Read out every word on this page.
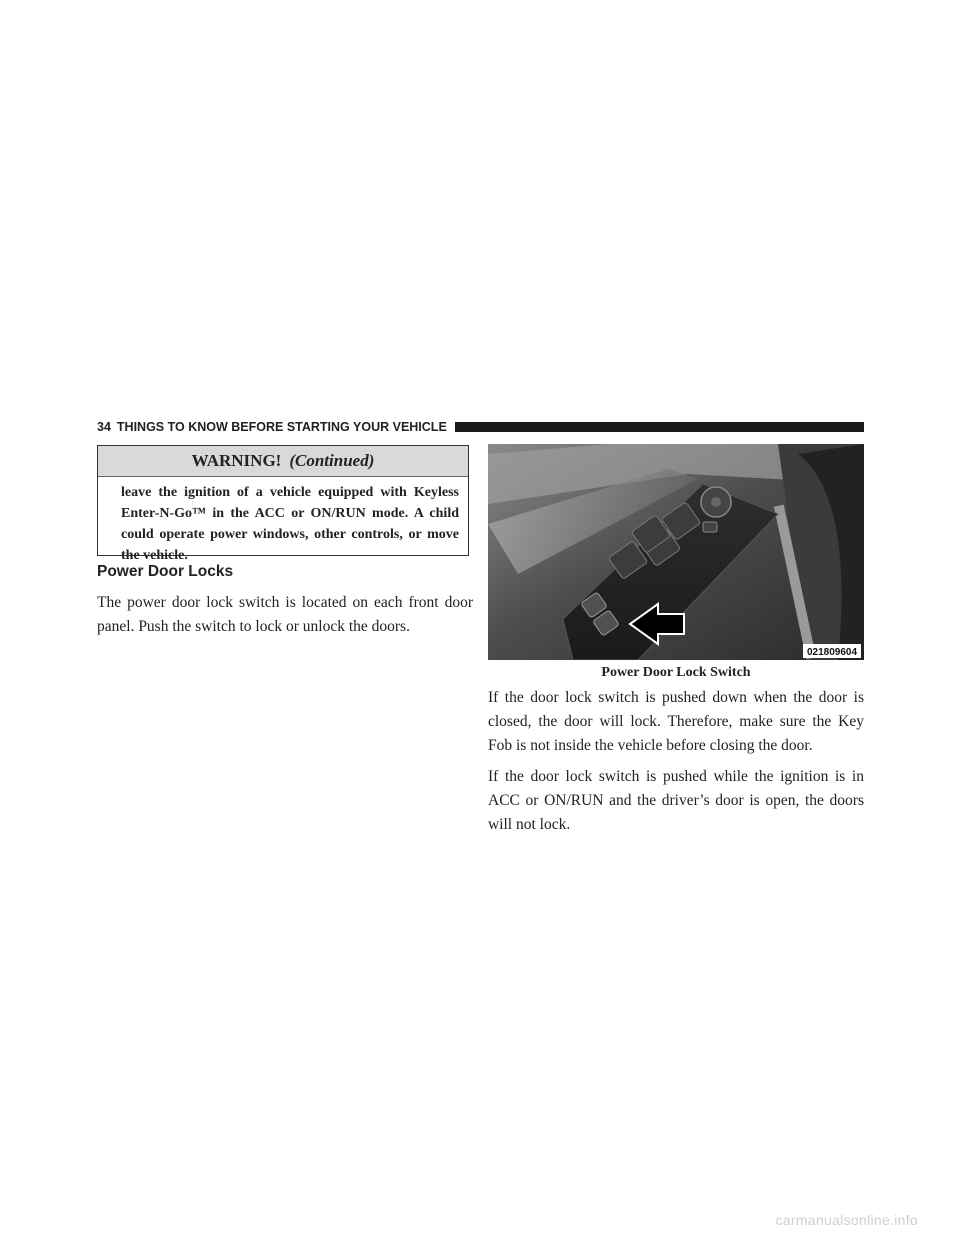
34 THINGS TO KNOW BEFORE STARTING YOUR VEHICLE
WARNING! (Continued)
leave the ignition of a vehicle equipped with Keyless Enter-N-Go™ in the ACC or ON/RUN mode. A child could operate power windows, other controls, or move the vehicle.
Power Door Locks
The power door lock switch is located on each front door panel. Push the switch to lock or unlock the doors.
021809604
Power Door Lock Switch

If the door lock switch is pushed down when the door is closed, the door will lock. Therefore, make sure the Key Fob is not inside the vehicle before closing the door.

If the door lock switch is pushed while the ignition is in ACC or ON/RUN and the driver’s door is open, the doors will not lock.

carmanualsonline.info
